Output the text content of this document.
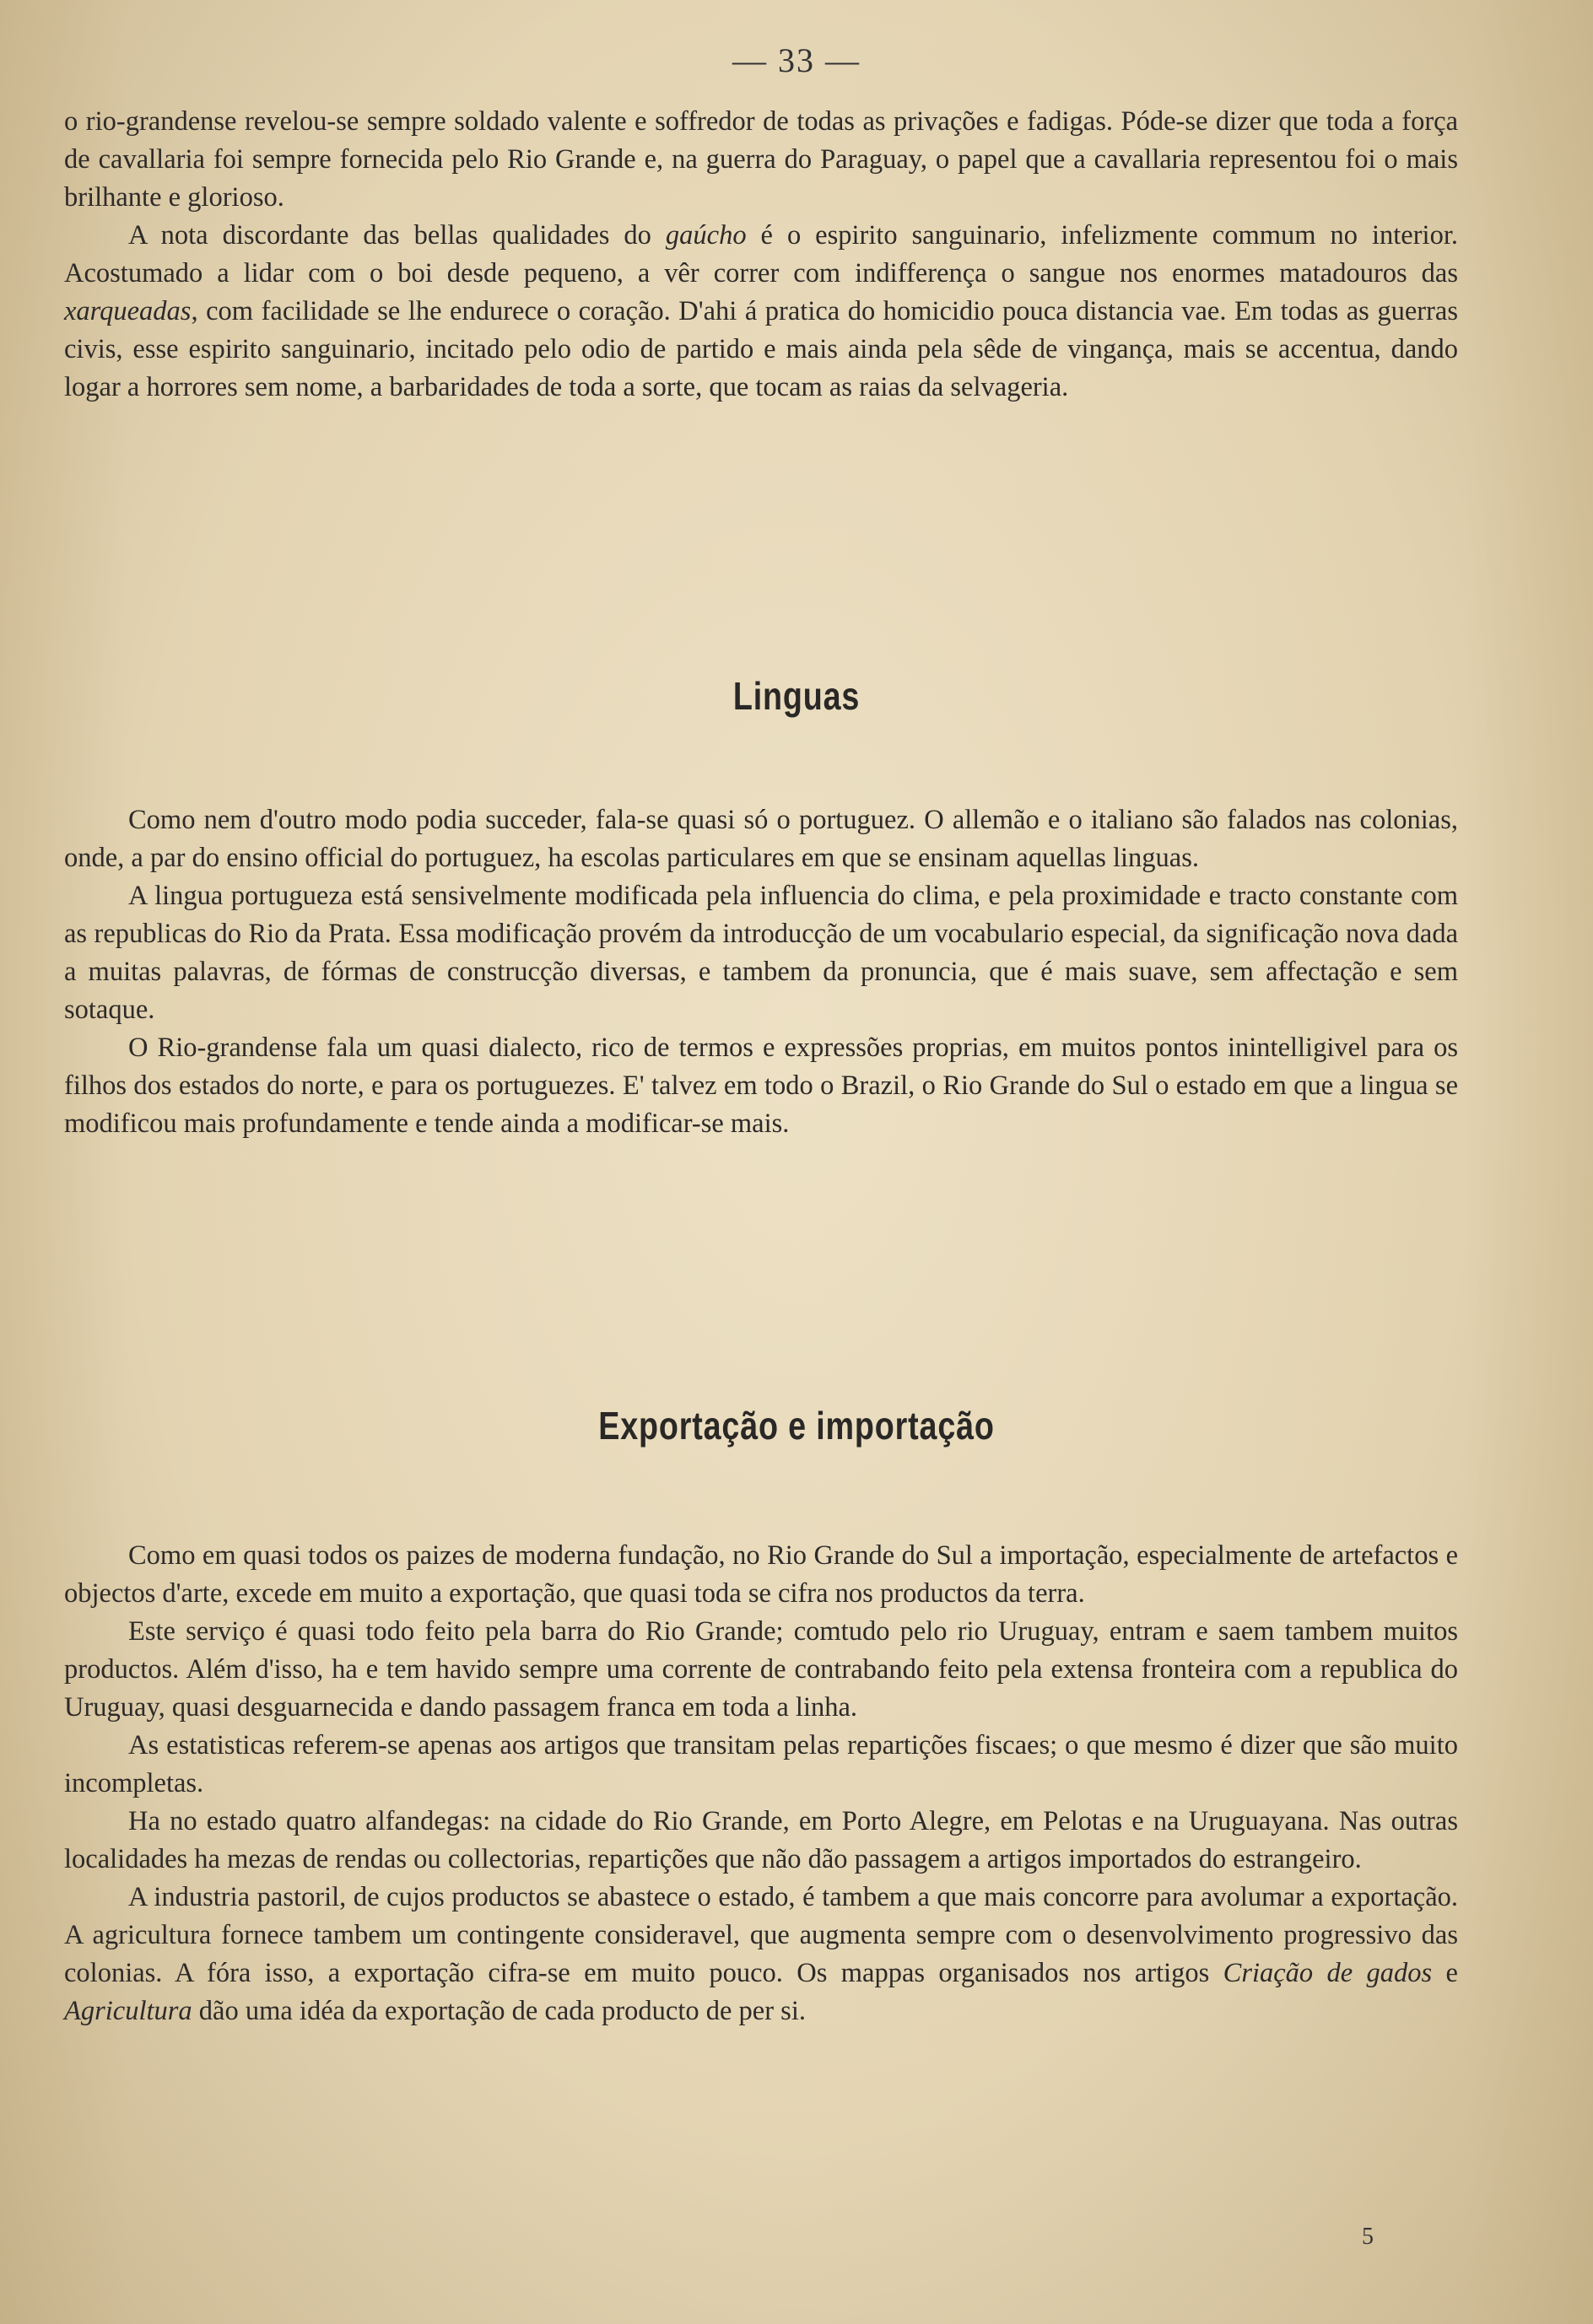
— 33 —

o rio-grandense revelou-se sempre soldado valente e soffredor de todas as privações e fadigas. Póde-se dizer que toda a força de cavallaria foi sempre fornecida pelo Rio Grande e, na guerra do Paraguay, o papel que a cavallaria representou foi o mais brilhante e glorioso.

A nota discordante das bellas qualidades do gaúcho é o espirito sanguinario, infelizmente commum no interior. Acostumado a lidar com o boi desde pequeno, a vêr correr com indifferença o sangue nos enormes matadouros das xarqueadas, com facilidade se lhe endurece o coração. D'ahi á pratica do homicidio pouca distancia vae. Em todas as guerras civis, esse espirito sanguinario, incitado pelo odio de partido e mais ainda pela sêde de vingança, mais se accentua, dando logar a horrores sem nome, a barbaridades de toda a sorte, que tocam as raias da selvageria.

Linguas

Como nem d'outro modo podia succeder, fala-se quasi só o portuguez. O allemão e o italiano são falados nas colonias, onde, a par do ensino official do portuguez, ha escolas particulares em que se ensinam aquellas linguas.

A lingua portugueza está sensivelmente modificada pela influencia do clima, e pela proximidade e tracto constante com as republicas do Rio da Prata. Essa modificação provém da introducção de um vocabulario especial, da significação nova dada a muitas palavras, de fórmas de construcção diversas, e tambem da pronuncia, que é mais suave, sem affectação e sem sotaque.

O Rio-grandense fala um quasi dialecto, rico de termos e expressões proprias, em muitos pontos inintelligivel para os filhos dos estados do norte, e para os portuguezes. E' talvez em todo o Brazil, o Rio Grande do Sul o estado em que a lingua se modificou mais profundamente e tende ainda a modificar-se mais.

Exportação e importação

Como em quasi todos os paizes de moderna fundação, no Rio Grande do Sul a importação, especialmente de artefactos e objectos d'arte, excede em muito a exportação, que quasi toda se cifra nos productos da terra.

Este serviço é quasi todo feito pela barra do Rio Grande; comtudo pelo rio Uruguay, entram e saem tambem muitos productos. Além d'isso, ha e tem havido sempre uma corrente de contrabando feito pela extensa fronteira com a republica do Uruguay, quasi desguarnecida e dando passagem franca em toda a linha.

As estatisticas referem-se apenas aos artigos que transitam pelas repartições fiscaes; o que mesmo é dizer que são muito incompletas.

Ha no estado quatro alfandegas: na cidade do Rio Grande, em Porto Alegre, em Pelotas e na Uruguayana. Nas outras localidades ha mezas de rendas ou collectorias, repartições que não dão passagem a artigos importados do estrangeiro.

A industria pastoril, de cujos productos se abastece o estado, é tambem a que mais concorre para avolumar a exportação. A agricultura fornece tambem um contingente consideravel, que augmenta sempre com o desenvolvimento progressivo das colonias. A fóra isso, a exportação cifra-se em muito pouco. Os mappas organisados nos artigos Criação de gados e Agricultura dão uma idéa da exportação de cada producto de per si.

5
